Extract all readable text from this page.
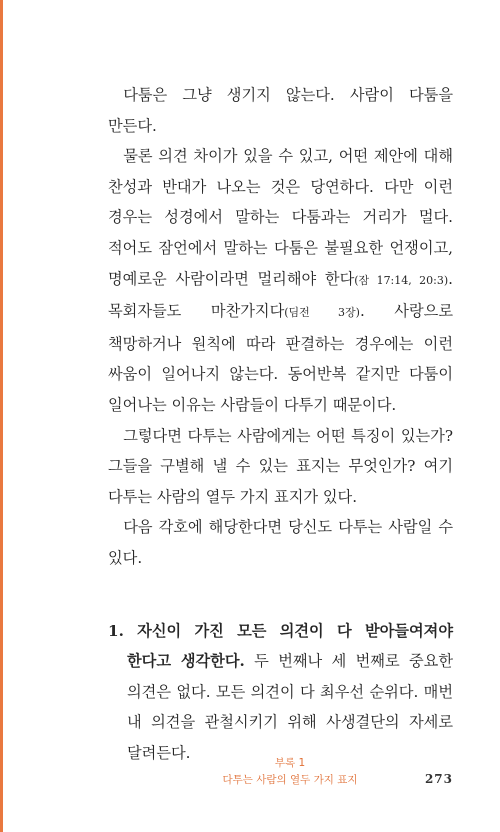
다툼은 그냥 생기지 않는다. 사람이 다툼을 만든다.

물론 의견 차이가 있을 수 있고, 어떤 제안에 대해 찬성과 반대가 나오는 것은 당연하다. 다만 이런 경우는 성경에서 말하는 다툼과는 거리가 멀다. 적어도 잠언에서 말하는 다툼은 불필요한 언쟁이고, 명예로운 사람이라면 멀리해야 한다(잠 17:14, 20:3). 목회자들도 마찬가지다(딤전 3장). 사랑으로 책망하거나 원칙에 따라 판결하는 경우에는 이런 싸움이 일어나지 않는다. 동어반복 같지만 다툼이 일어나는 이유는 사람들이 다투기 때문이다.

그렇다면 다투는 사람에게는 어떤 특징이 있는가? 그들을 구별해 낼 수 있는 표지는 무엇인가? 여기 다투는 사람의 열두 가지 표지가 있다.

다음 각호에 해당한다면 당신도 다투는 사람일 수 있다.

1. 자신이 가진 모든 의견이 다 받아들여져야 한다고 생각한다. 두 번째나 세 번째로 중요한 의견은 없다. 모든 의견이 다 최우선 순위다. 매번 내 의견을 관철시키기 위해 사생결단의 자세로 달려든다.

부록 1
다투는 사람의 열두 가지 표지	273
